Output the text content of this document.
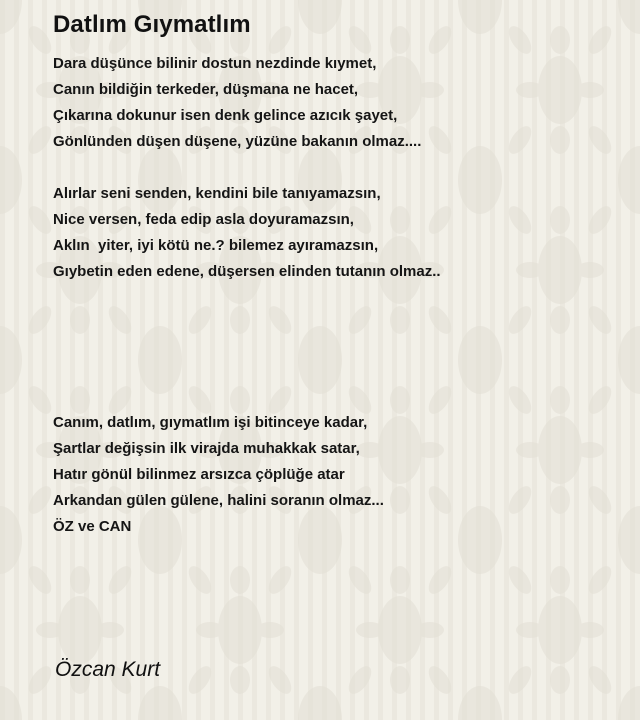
Datlım Gıymatlım
Dara düşünce bilinir dostun nezdinde kıymet,
Canın bildiğin terkeder, düşmana ne hacet,
Çıkarına dokunur isen denk gelince azıcık şayet,
Gönlünden düşen düşene, yüzüne bakanın olmaz....
Alırlar seni senden, kendini bile tanıyamazsın,
Nice versen, feda edip asla doyuramazsın,
Aklın  yiter, iyi kötü ne.? bilemez ayıramazsın,
Gıybetin eden edene, düşersen elinden tutanın olmaz..
Canım, datlım, gıymatlım işi bitinceye kadar,
Şartlar değişsin ilk virajda muhakkak satar,
Hatır gönül bilinmez arsızca çöplüğe atar
Arkandan gülen gülene, halini soranın olmaz...
ÖZ ve CAN

Özcan Kurt
